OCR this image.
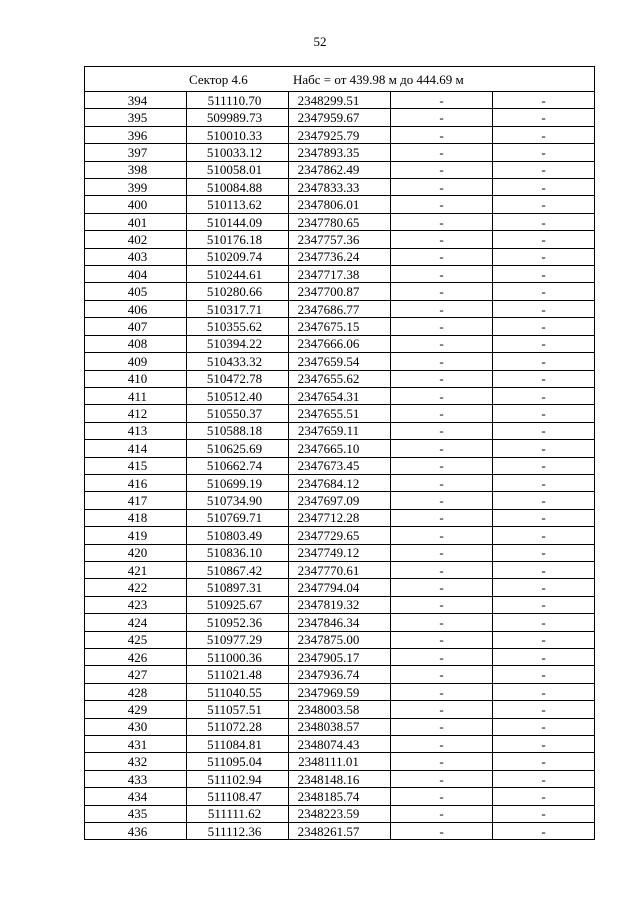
52
Сектор 4.6 Набс = от 439.98 м до 444.69 м				
394	511110.70	2348299.51	-	-
395	509989.73	2347959.67	-	-
396	510010.33	2347925.79	-	-
397	510033.12	2347893.35	-	-
398	510058.01	2347862.49	-	-
399	510084.88	2347833.33	-	-
400	510113.62	2347806.01	-	-
401	510144.09	2347780.65	-	-
402	510176.18	2347757.36	-	-
403	510209.74	2347736.24	-	-
404	510244.61	2347717.38	-	-
405	510280.66	2347700.87	-	-
406	510317.71	2347686.77	-	-
407	510355.62	2347675.15	-	-
408	510394.22	2347666.06	-	-
409	510433.32	2347659.54	-	-
410	510472.78	2347655.62	-	-
411	510512.40	2347654.31	-	-
412	510550.37	2347655.51	-	-
413	510588.18	2347659.11	-	-
414	510625.69	2347665.10	-	-
415	510662.74	2347673.45	-	-
416	510699.19	2347684.12	-	-
417	510734.90	2347697.09	-	-
418	510769.71	2347712.28	-	-
419	510803.49	2347729.65	-	-
420	510836.10	2347749.12	-	-
421	510867.42	2347770.61	-	-
422	510897.31	2347794.04	-	-
423	510925.67	2347819.32	-	-
424	510952.36	2347846.34	-	-
425	510977.29	2347875.00	-	-
426	511000.36	2347905.17	-	-
427	511021.48	2347936.74	-	-
428	511040.55	2347969.59	-	-
429	511057.51	2348003.58	-	-
430	511072.28	2348038.57	-	-
431	511084.81	2348074.43	-	-
432	511095.04	2348111.01	-	-
433	511102.94	2348148.16	-	-
434	511108.47	2348185.74	-	-
435	511111.62	2348223.59	-	-
436	511112.36	2348261.57	-	-
